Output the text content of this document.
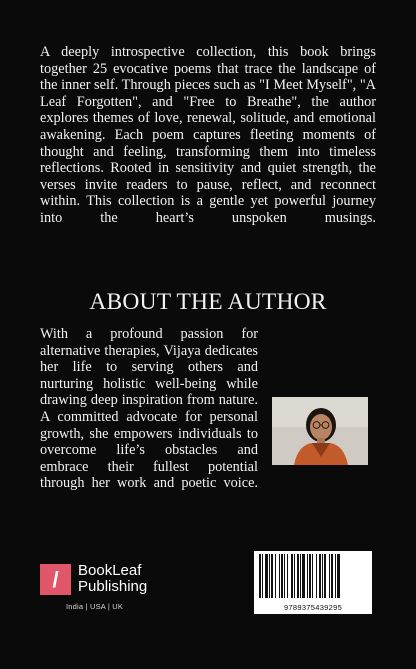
A deeply introspective collection, this book brings together 25 evocative poems that trace the landscape of the inner self. Through pieces such as "I Meet Myself", "A Leaf Forgotten", and "Free to Breathe", the author explores themes of love, renewal, solitude, and emotional awakening. Each poem captures fleeting moments of thought and feeling, transforming them into timeless reflections. Rooted in sensitivity and quiet strength, the verses invite readers to pause, reflect, and reconnect within. This collection is a gentle yet powerful journey into the heart’s unspoken musings.

ABOUT THE AUTHOR

With a profound passion for alternative therapies, Vijaya dedicates her life to serving others and nurturing holistic well-being while drawing deep inspiration from nature. A committed advocate for personal growth, she empowers individuals to overcome life’s obstacles and embrace their fullest potential through her work and poetic voice.

/	BookLeaf
Publishing
India | USA | UK	9789375439295
